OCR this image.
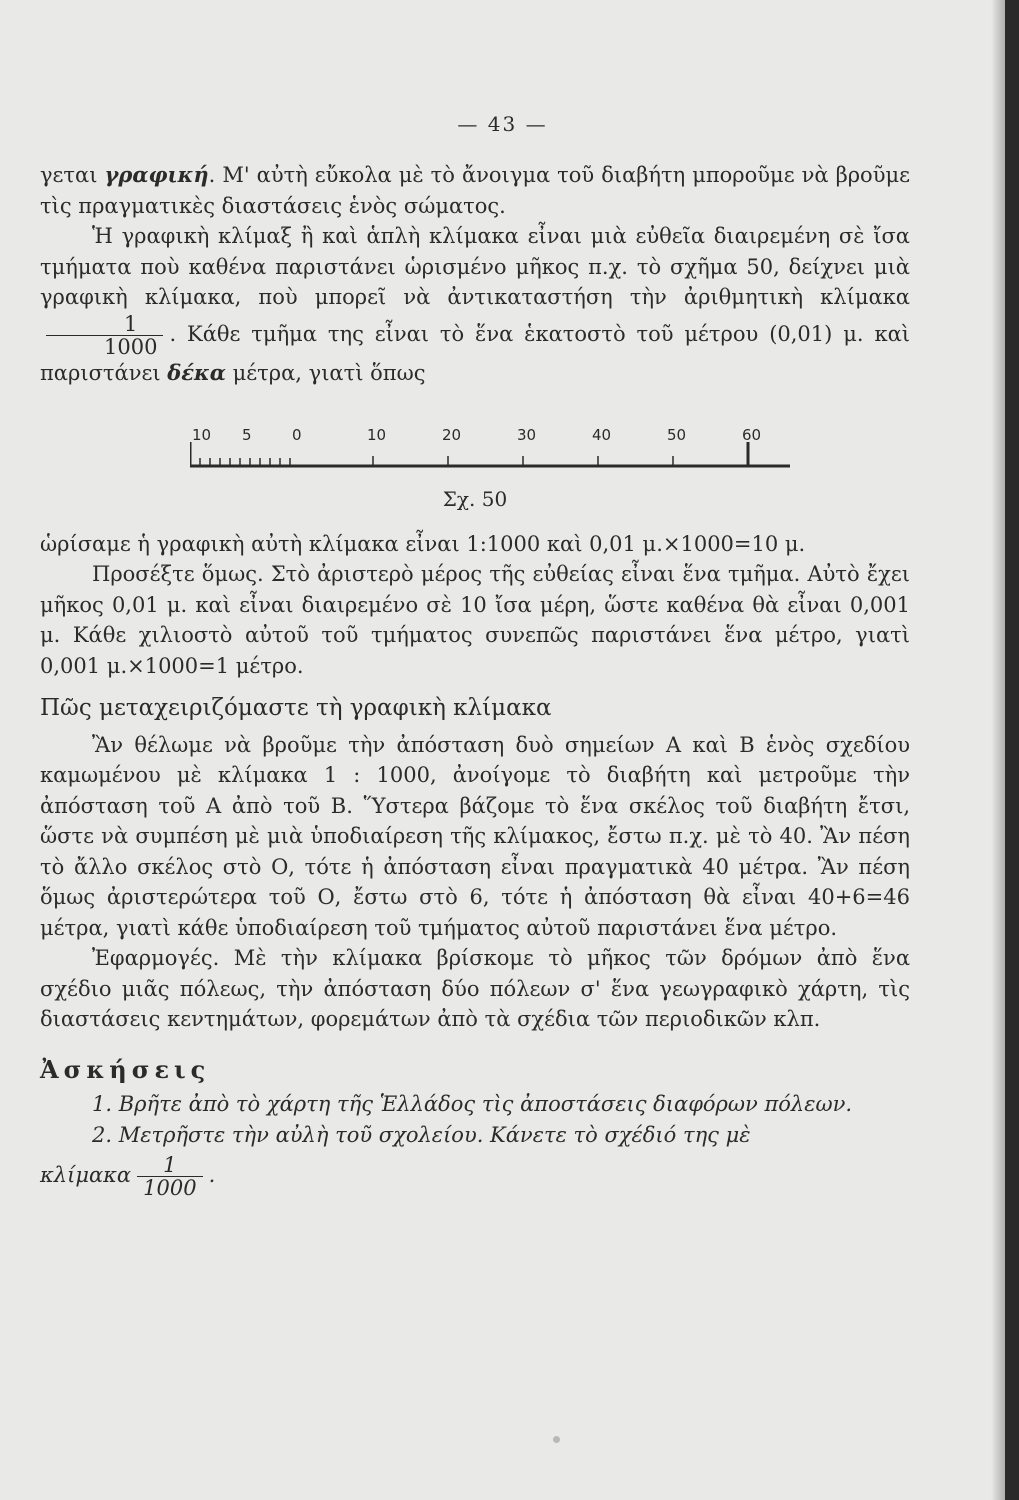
— 43 —

γεται γραφική. Μ' αὐτὴ εὔκολα μὲ τὸ ἄνοιγμα τοῦ διαβήτη μποροῦμε νὰ βροῦμε τὶς πραγματικὲς διαστάσεις ἑνὸς σώματος.

Ἡ γραφικὴ κλίμαξ ἢ καὶ ἁπλὴ κλίμακα εἶναι μιὰ εὐθεῖα διαιρεμένη σὲ ἴσα τμήματα ποὺ καθένα παριστάνει ὡρισμένο μῆκος π.χ. τὸ σχῆμα 50, δείχνει μιὰ γραφικὴ κλίμακα, ποὺ μπορεῖ νὰ ἀντικαταστήση τὴν ἀριθμητικὴ κλίμακα
$\frac{1}{1000}$ . Κάθε τμῆμα της εἶναι τὸ ἕνα ἑκατοστὸ τοῦ μέτρου (0,01) μ. καὶ παριστάνει δέκα μέτρα, γιατὶ ὅπως

10 5	0	10	20	30	40	50	60
Σχ. 50

ὡρίσαμε ἡ γραφικὴ αὐτὴ κλίμακα εἶναι 1:1000 καὶ 0,01 μ.×1000=10 μ.

Προσέξτε ὅμως. Στὸ ἀριστερὸ μέρος τῆς εὐθείας εἶναι ἕνα τμῆμα. Αὐτὸ ἔχει μῆκος 0,01 μ. καὶ εἶναι διαιρεμένο σὲ 10 ἴσα μέρη, ὥστε καθένα θὰ εἶναι 0,001 μ. Κάθε χιλιοστὸ αὐτοῦ τοῦ τμήματος συνεπῶς παριστάνει ἕνα μέτρο, γιατὶ 0,001 μ.×1000=1 μέτρο.

Πῶς μεταχειριζόμαστε τὴ γραφικὴ κλίμακα

Ἂν θέλωμε νὰ βροῦμε τὴν ἀπόσταση δυὸ σημείων Α καὶ Β ἑνὸς σχεδίου καμωμένου μὲ κλίμακα 1 : 1000, ἀνοίγομε τὸ διαβήτη καὶ μετροῦμε τὴν ἀπόσταση τοῦ Α ἀπὸ τοῦ Β. Ὕστερα βάζομε τὸ ἕνα σκέλος τοῦ διαβήτη ἔτσι, ὥστε νὰ συμπέση μὲ μιὰ ὑποδιαίρεση τῆς κλίμακος, ἔστω π.χ. μὲ τὸ 40. Ἂν πέση τὸ ἄλλο σκέλος στὸ Ο, τότε ἡ ἀπόσταση εἶναι πραγματικὰ 40 μέτρα. Ἂν πέση ὅμως ἀριστερώτερα τοῦ Ο, ἔστω στὸ 6, τότε ἡ ἀπόσταση θὰ εἶναι 40+6=46 μέτρα, γιατὶ κάθε ὑποδιαίρεση τοῦ τμήματος αὐτοῦ παριστάνει ἕνα μέτρο.

Ἐφαρμογές. Μὲ τὴν κλίμακα βρίσκομε τὸ μῆκος τῶν δρόμων ἀπὸ ἕνα σχέδιο μιᾶς πόλεως, τὴν ἀπόσταση δύο πόλεων σ' ἕνα γεωγραφικὸ χάρτη, τὶς διαστάσεις κεντημάτων, φορεμάτων ἀπὸ τὰ σχέδια τῶν περιοδικῶν κλπ.

Ἀσκήσεις

1. Βρῆτε ἀπὸ τὸ χάρτη τῆς Ἑλλάδος τὶς ἀποστάσεις διαφόρων πόλεων.

2. Μετρῆστε τὴν αὐλὴ τοῦ σχολείου. Κάνετε τὸ σχέδιό της μὲ

κλίμακα $\frac{1}{1000}$ .
